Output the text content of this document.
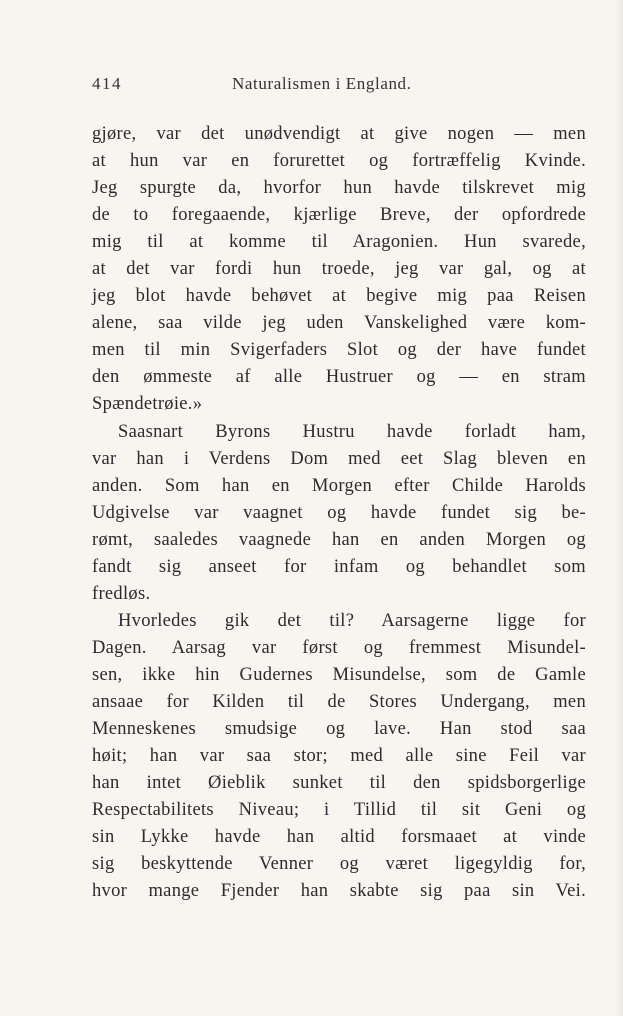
414	Naturalismen i England.
gjøre, var det unødvendigt at give nogen — men
at hun var en forurettet og fortræffelig Kvinde.
Jeg spurgte da, hvorfor hun havde tilskrevet mig
de to foregaaende, kjærlige Breve, der opfordrede
mig til at komme til Aragonien. Hun svarede,
at det var fordi hun troede, jeg var gal, og at
jeg blot havde behøvet at begive mig paa Reisen
alene, saa vilde jeg uden Vanskelighed være kom-
men til min Svigerfaders Slot og der have fundet
den ømmeste af alle Hustruer og — en stram
Spændetrøie.»
Saasnart Byrons Hustru havde forladt ham,
var han i Verdens Dom med eet Slag bleven en
anden. Som han en Morgen efter Childe Harolds
Udgivelse var vaagnet og havde fundet sig be-
rømt, saaledes vaagnede han en anden Morgen og
fandt sig anseet for infam og behandlet som
fredløs.
Hvorledes gik det til? Aarsagerne ligge for
Dagen. Aarsag var først og fremmest Misundel-
sen, ikke hin Gudernes Misundelse, som de Gamle
ansaae for Kilden til de Stores Undergang, men
Menneskenes smudsige og lave. Han stod saa
høit; han var saa stor; med alle sine Feil var
han intet Øieblik sunket til den spidsborgerlige
Respectabilitets Niveau; i Tillid til sit Geni og
sin Lykke havde han altid forsmaaet at vinde
sig beskyttende Venner og været ligegyldig for,
hvor mange Fjender han skabte sig paa sin Vei.
